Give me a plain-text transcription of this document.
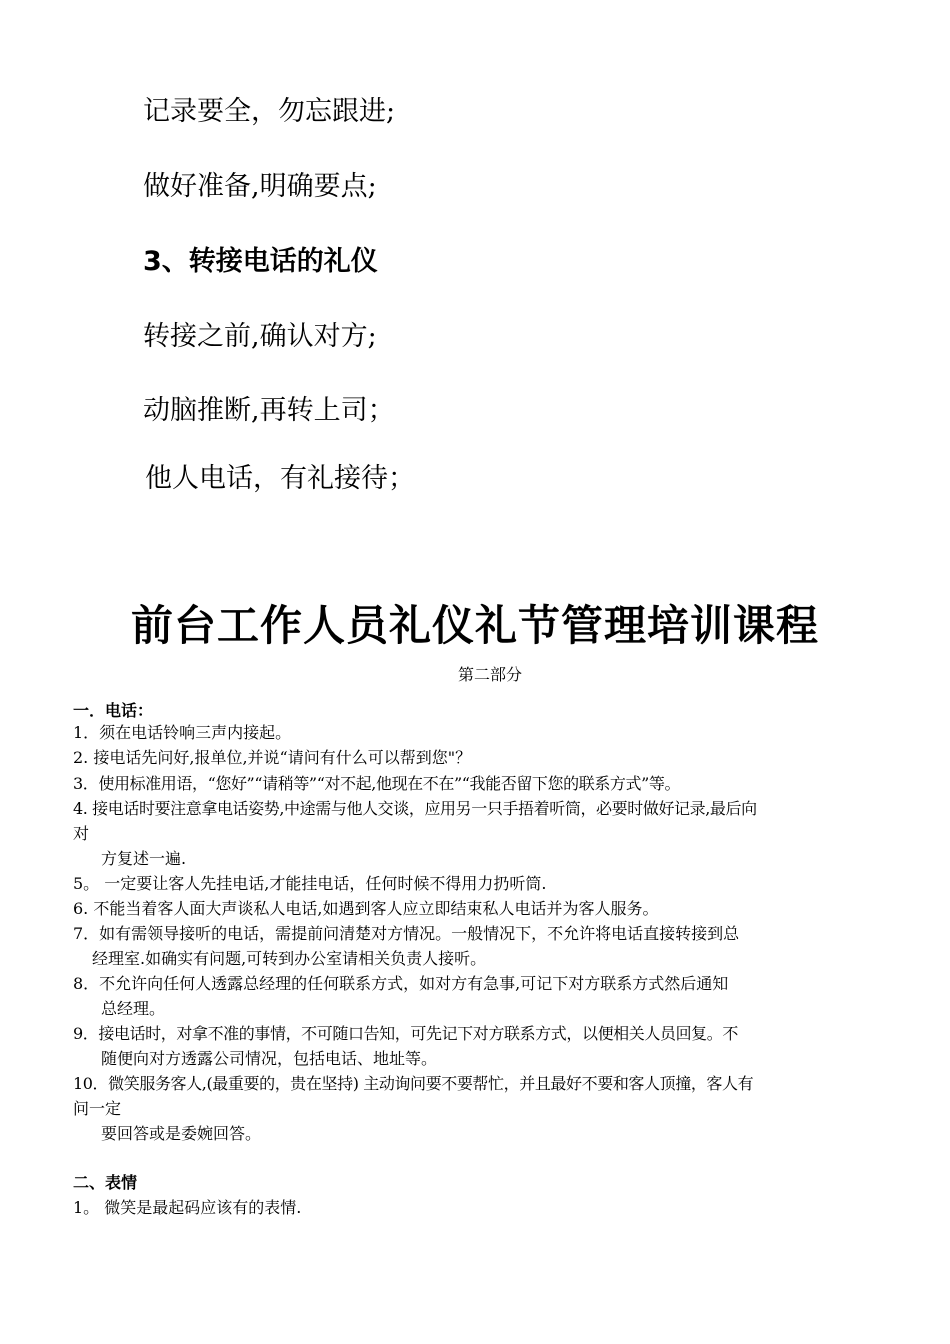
记录要全，勿忘跟进;
做好准备,明确要点;
3、转接电话的礼仪
转接之前,确认对方;
动脑推断,再转上司；
他人电话，有礼接待；
前台工作人员礼仪礼节管理培训课程
第二部分
一．电话：
1．须在电话铃响三声内接起。
2. 接电话先问好,报单位,并说“请问有什么可以帮到您"？
3．使用标准用语，“您好”“请稍等”“对不起,他现在不在”“我能否留下您的联系方式”等。
4. 接电话时要注意拿电话姿势,中途需与他人交谈，应用另一只手捂着听筒，必要时做好记录,最后向
对
方复述一遍.
5。 一定要让客人先挂电话,才能挂电话，任何时候不得用力扔听筒.
6. 不能当着客人面大声谈私人电话,如遇到客人应立即结束私人电话并为客人服务。
7．如有需领导接听的电话，需提前问清楚对方情况。一般情况下，不允许将电话直接转接到总
经理室.如确实有问题,可转到办公室请相关负责人接听。
8．不允许向任何人透露总经理的任何联系方式，如对方有急事,可记下对方联系方式然后通知
总经理。
9．接电话时，对拿不准的事情，不可随口告知，可先记下对方联系方式，以便相关人员回复。不
随便向对方透露公司情况，包括电话、地址等。
10．微笑服务客人,(最重要的，贵在坚持) 主动询问要不要帮忙，并且最好不要和客人顶撞，客人有
问一定
要回答或是委婉回答。
二、表情
1。 微笑是最起码应该有的表情.
